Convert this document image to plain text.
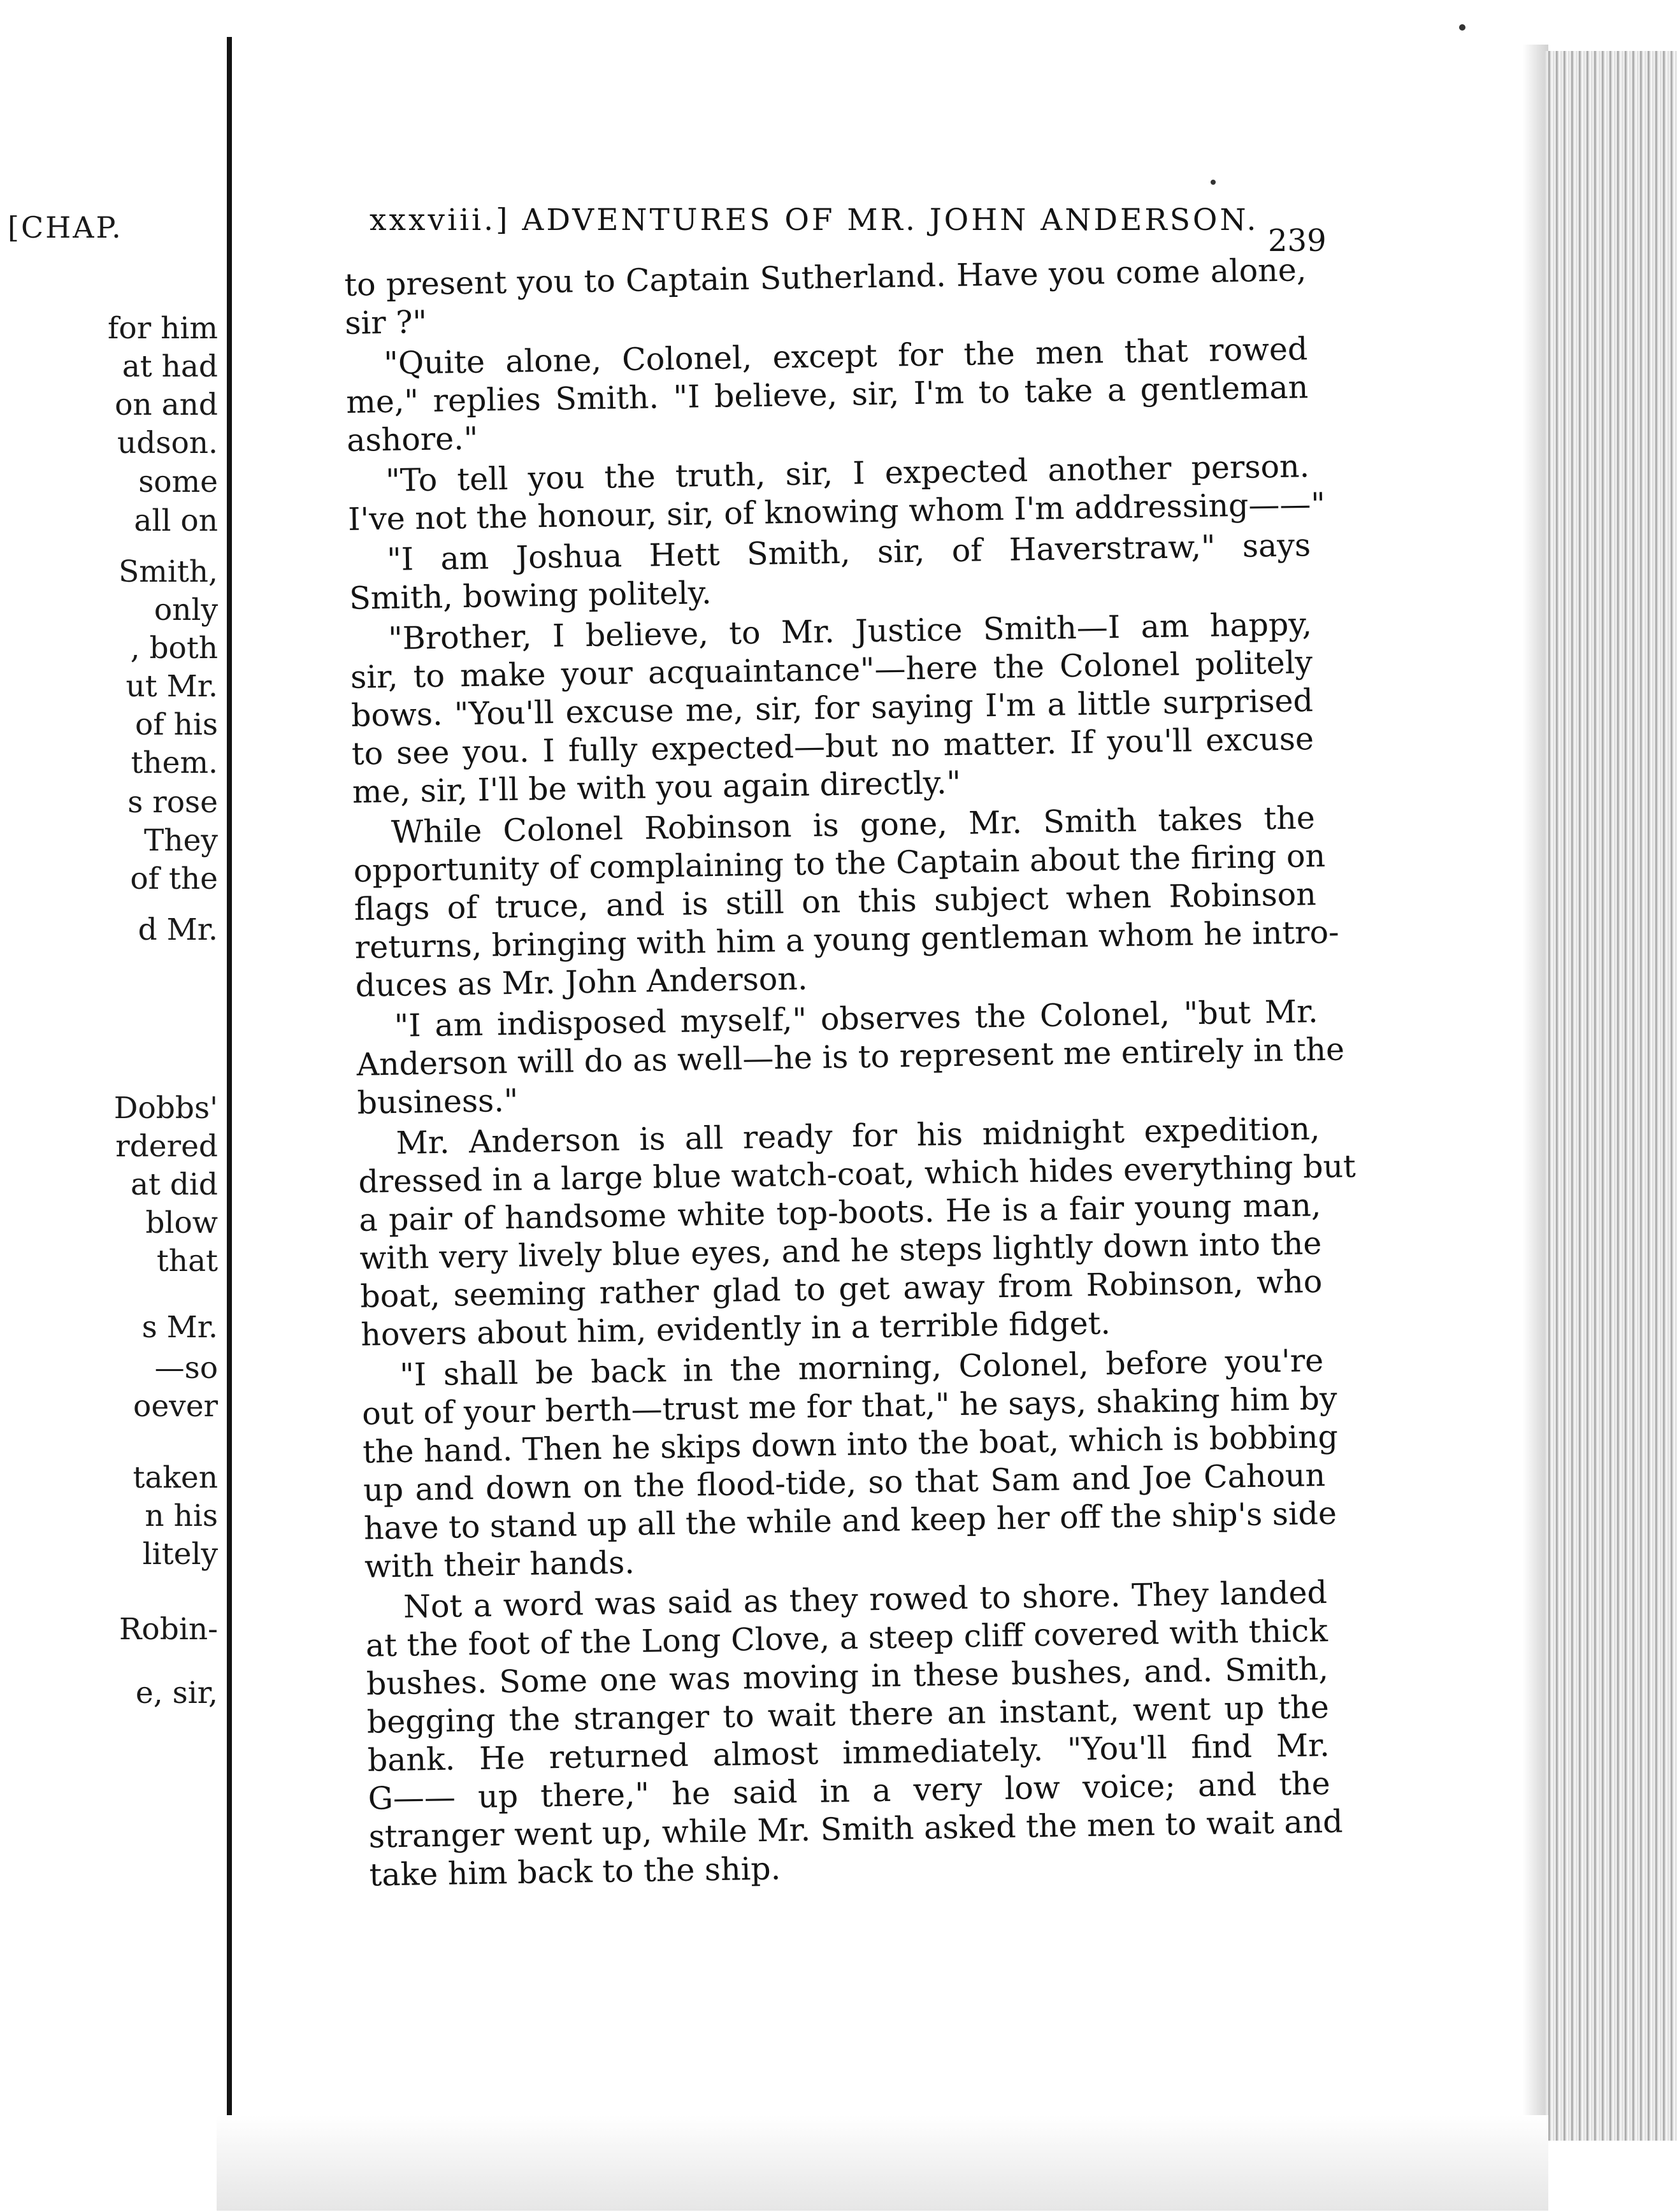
[CHAP.
for him
at had
on and
udson.
some
all on
Smith,
only
, both
ut Mr.
of his
them.
s rose
They
of the
d Mr.
Dobbs'
rdered
at did
blow
that
s Mr.
—so
oever
taken
n his
litely
Robin-
e, sir,
xxxviii.] ADVENTURES OF MR. JOHN ANDERSON.
239
to present you to Captain Sutherland. Have you come alone,
sir ?"
"Quite alone, Colonel, except for the men that rowed
me," replies Smith. "I believe, sir, I'm to take a gentleman
ashore."
"To tell you the truth, sir, I expected another person.
I've not the honour, sir, of knowing whom I'm addressing——"
"I am Joshua Hett Smith, sir, of Haverstraw," says
Smith, bowing politely.
"Brother, I believe, to Mr. Justice Smith—I am happy,
sir, to make your acquaintance"—here the Colonel politely
bows. "You'll excuse me, sir, for saying I'm a little surprised
to see you. I fully expected—but no matter. If you'll excuse
me, sir, I'll be with you again directly."
While Colonel Robinson is gone, Mr. Smith takes the
opportunity of complaining to the Captain about the firing on
flags of truce, and is still on this subject when Robinson
returns, bringing with him a young gentleman whom he intro-
duces as Mr. John Anderson.
"I am indisposed myself," observes the Colonel, "but Mr.
Anderson will do as well—he is to represent me entirely in the
business."
Mr. Anderson is all ready for his midnight expedition,
dressed in a large blue watch-coat, which hides everything but
a pair of handsome white top-boots. He is a fair young man,
with very lively blue eyes, and he steps lightly down into the
boat, seeming rather glad to get away from Robinson, who
hovers about him, evidently in a terrible fidget.
"I shall be back in the morning, Colonel, before you're
out of your berth—trust me for that," he says, shaking him by
the hand. Then he skips down into the boat, which is bobbing
up and down on the flood-tide, so that Sam and Joe Cahoun
have to stand up all the while and keep her off the ship's side
with their hands.
Not a word was said as they rowed to shore. They landed
at the foot of the Long Clove, a steep cliff covered with thick
bushes. Some one was moving in these bushes, and. Smith,
begging the stranger to wait there an instant, went up the
bank. He returned almost immediately. "You'll find Mr.
G—— up there," he said in a very low voice; and the
stranger went up, while Mr. Smith asked the men to wait and
take him back to the ship.
